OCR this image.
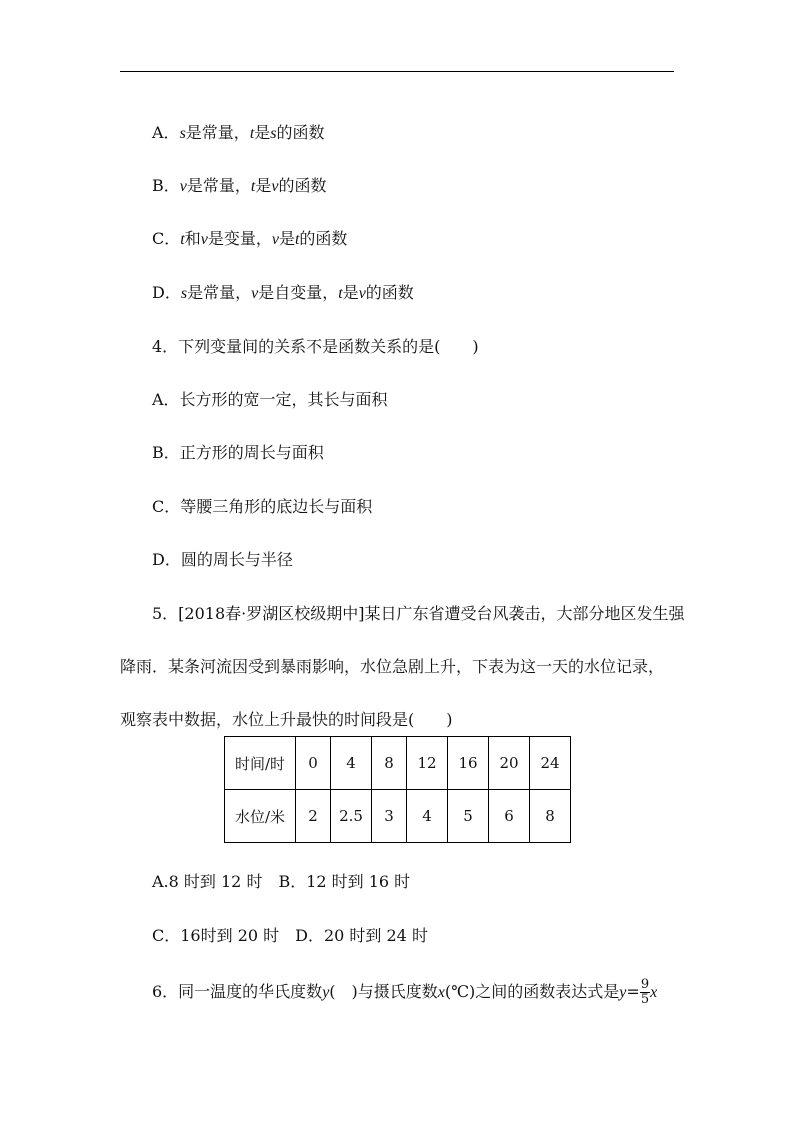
A．s是常量，t是s的函数
B．v是常量，t是v的函数
C．t和v是变量，v是t的函数
D．s是常量，v是自变量，t是v的函数
4．下列变量间的关系不是函数关系的是(　　)
A．长方形的宽一定，其长与面积
B．正方形的周长与面积
C．等腰三角形的底边长与面积
D．圆的周长与半径
5．[2018春·罗湖区校级期中]某日广东省遭受台风袭击，大部分地区发生强
降雨．某条河流因受到暴雨影响，水位急剧上升，下表为这一天的水位记录，
观察表中数据，水位上升最快的时间段是(　　)
时间/时	0	4	8	12	16	20	24
水位/米	2	2.5	3	4	5	6	8
A.8 时到 12 时　B．12 时到 16 时
C．16时到 20 时　D．20 时到 24 时
6．同一温度的华氏度数y(　)与摄氏度数x(℃)之间的函数表达式是$y= \frac{9}{5}$ x
